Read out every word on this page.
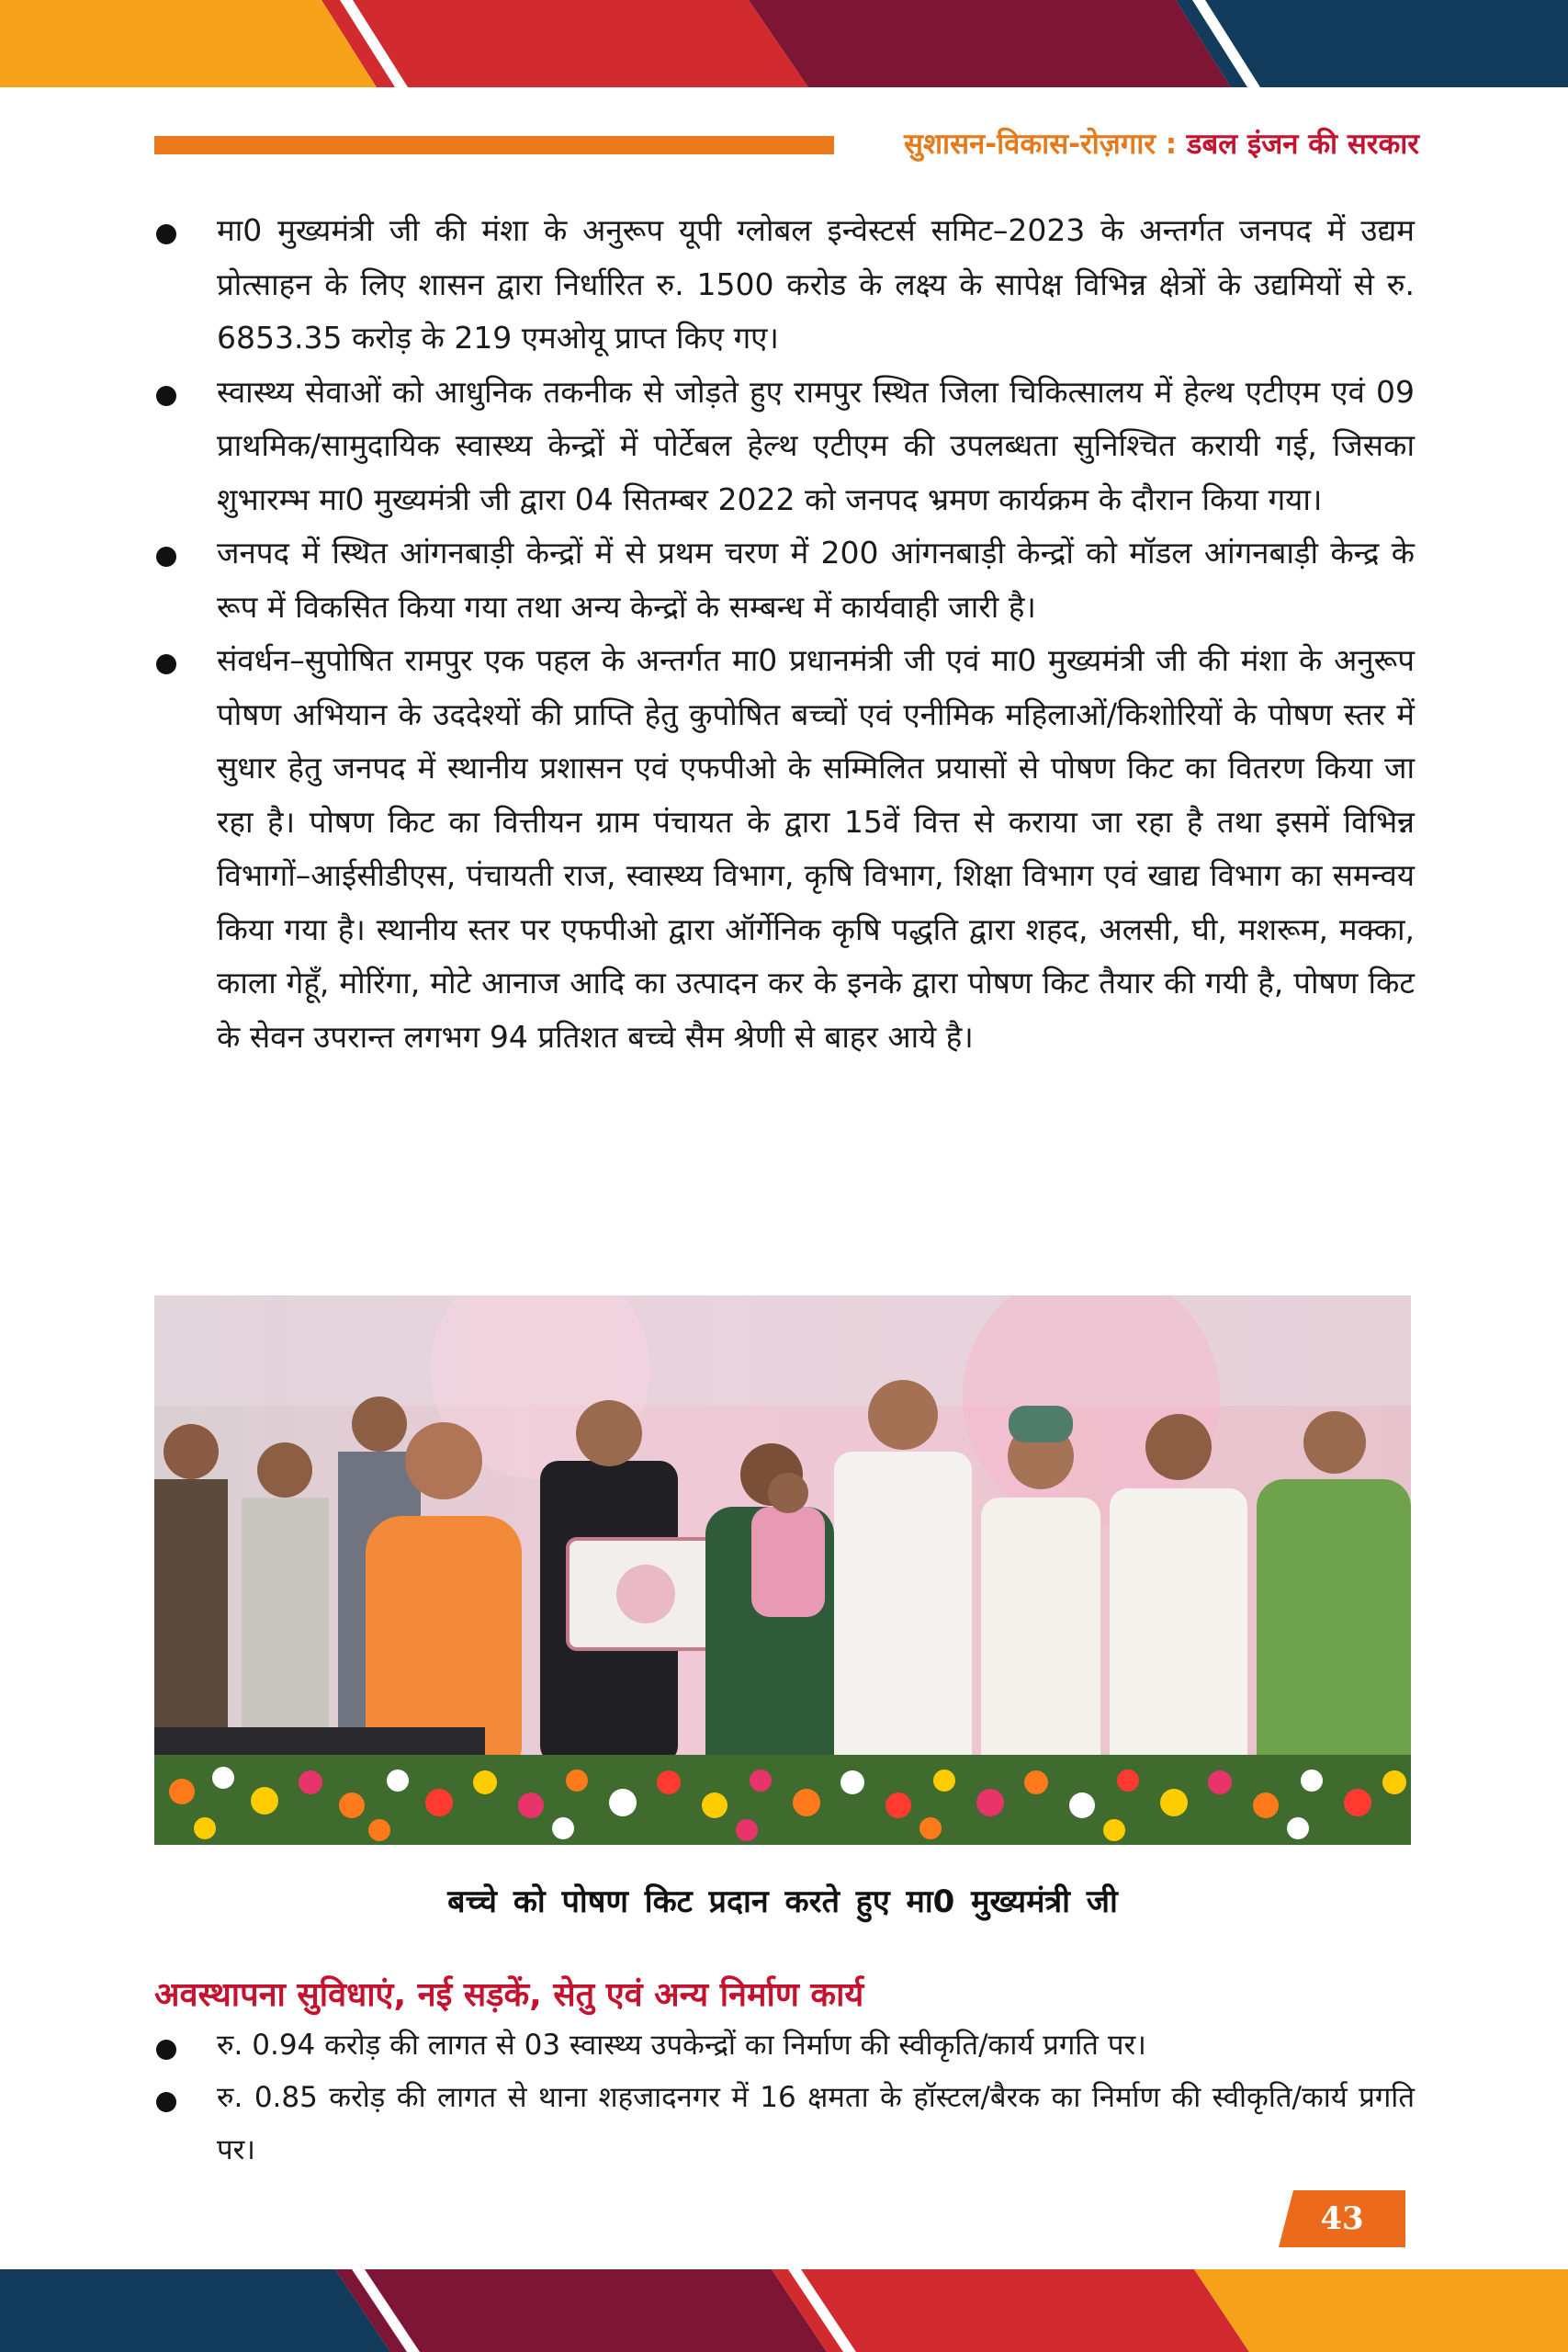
सुशासन-विकास-रोज़गार : डबल इंजन की सरकार
मा0 मुख्यमंत्री जी की मंशा के अनुरूप यूपी ग्लोबल इन्वेस्टर्स समिट–2023 के अन्तर्गत जनपद में उद्यम प्रोत्साहन के लिए शासन द्वारा निर्धारित रु. 1500 करोड के लक्ष्य के सापेक्ष विभिन्न क्षेत्रों के उद्यमियों से रु. 6853.35 करोड़ के 219 एमओयू प्राप्त किए गए।
स्वास्थ्य सेवाओं को आधुनिक तकनीक से जोड़ते हुए रामपुर स्थित जिला चिकित्सालय में हेल्थ एटीएम एवं 09 प्राथमिक/सामुदायिक स्वास्थ्य केन्द्रों में पोर्टेबल हेल्थ एटीएम की उपलब्धता सुनिश्चित करायी गई, जिसका शुभारम्भ मा0 मुख्यमंत्री जी द्वारा 04 सितम्बर 2022 को जनपद भ्रमण कार्यक्रम के दौरान किया गया।
जनपद में स्थित आंगनबाड़ी केन्द्रों में से प्रथम चरण में 200 आंगनबाड़ी केन्द्रों को मॉडल आंगनबाड़ी केन्द्र के रूप में विकसित किया गया तथा अन्य केन्द्रों के सम्बन्ध में कार्यवाही जारी है।
संवर्धन–सुपोषित रामपुर एक पहल के अन्तर्गत मा0 प्रधानमंत्री जी एवं मा0 मुख्यमंत्री जी की मंशा के अनुरूप पोषण अभियान के उददेश्यों की प्राप्ति हेतु कुपोषित बच्चों एवं एनीमिक महिलाओं/किशोरियों के पोषण स्तर में सुधार हेतु जनपद में स्थानीय प्रशासन एवं एफपीओ के सम्मिलित प्रयासों से पोषण किट का वितरण किया जा रहा है। पोषण किट का वित्तीयन ग्राम पंचायत के द्वारा 15वें वित्त से कराया जा रहा है तथा इसमें विभिन्न विभागों–आईसीडीएस, पंचायती राज, स्वास्थ्य विभाग, कृषि विभाग, शिक्षा विभाग एवं खाद्य विभाग का समन्वय किया गया है। स्थानीय स्तर पर एफपीओ द्वारा ऑर्गेनिक कृषि पद्धति द्वारा शहद, अलसी, घी, मशरूम, मक्का, काला गेहूँ, मोरिंगा, मोटे आनाज आदि का उत्पादन कर के इनके द्वारा पोषण किट तैयार की गयी है, पोषण किट के सेवन उपरान्त लगभग 94 प्रतिशत बच्चे सैम श्रेणी से बाहर आये है।
बच्चे को पोषण किट प्रदान करते हुए मा0 मुख्यमंत्री जी
अवस्थापना सुविधाएं, नई सड़कें, सेतु एवं अन्य निर्माण कार्य
रु. 0.94 करोड़ की लागत से 03 स्वास्थ्य उपकेन्द्रों का निर्माण की स्वीकृति/कार्य प्रगति पर।
रु. 0.85 करोड़ की लागत से थाना शहजादनगर में 16 क्षमता के हॉस्टल/बैरक का निर्माण की स्वीकृति/कार्य प्रगति पर।
43
